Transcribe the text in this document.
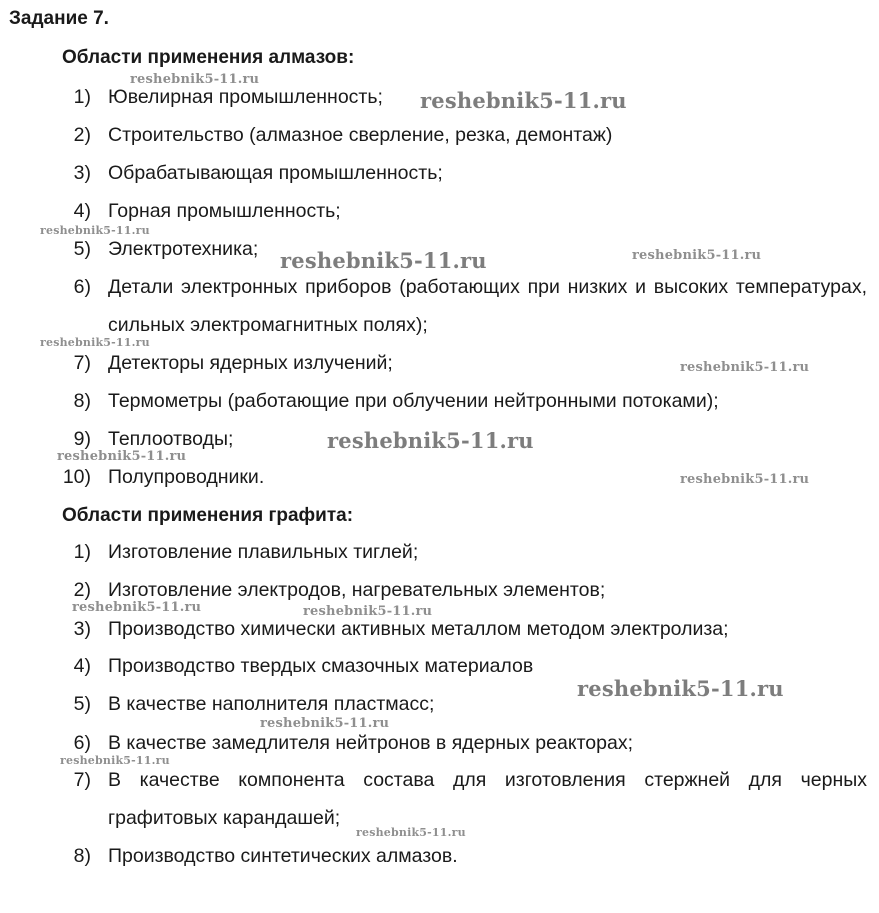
Задание 7.
Области применения алмазов:
1) Ювелирная промышленность;
2) Строительство (алмазное сверление, резка, демонтаж)
3) Обрабатывающая промышленность;
4) Горная промышленность;
5) Электротехника;
6) Детали электронных приборов (работающих при низких и высоких температурах, сильных электромагнитных полях);
7) Детекторы ядерных излучений;
8) Термометры (работающие при облучении нейтронными потоками);
9) Теплоотводы;
10) Полупроводники.
Области применения графита:
1) Изготовление плавильных тиглей;
2) Изготовление электродов, нагревательных элементов;
3) Производство химически активных металлом методом электролиза;
4) Производство твердых смазочных материалов
5) В качестве наполнителя пластмасс;
6) В качестве замедлителя нейтронов в ядерных реакторах;
7) В качестве компонента состава для изготовления стержней для черных графитовых карандашей;
8) Производство синтетических алмазов.
reshebnik5-11.ru
reshebnik5-11.ru
reshebnik5-11.ru
reshebnik5-11.ru	reshebnik5-11.ru
reshebnik5-11.ru
reshebnik5-11.ru
reshebnik5-11.ru
reshebnik5-11.ru
reshebnik5-11.ru
reshebnik5-11.ru	reshebnik5-11.ru
reshebnik5-11.ru
reshebnik5-11.ru
reshebnik5-11.ru
reshebnik5-11.ru
